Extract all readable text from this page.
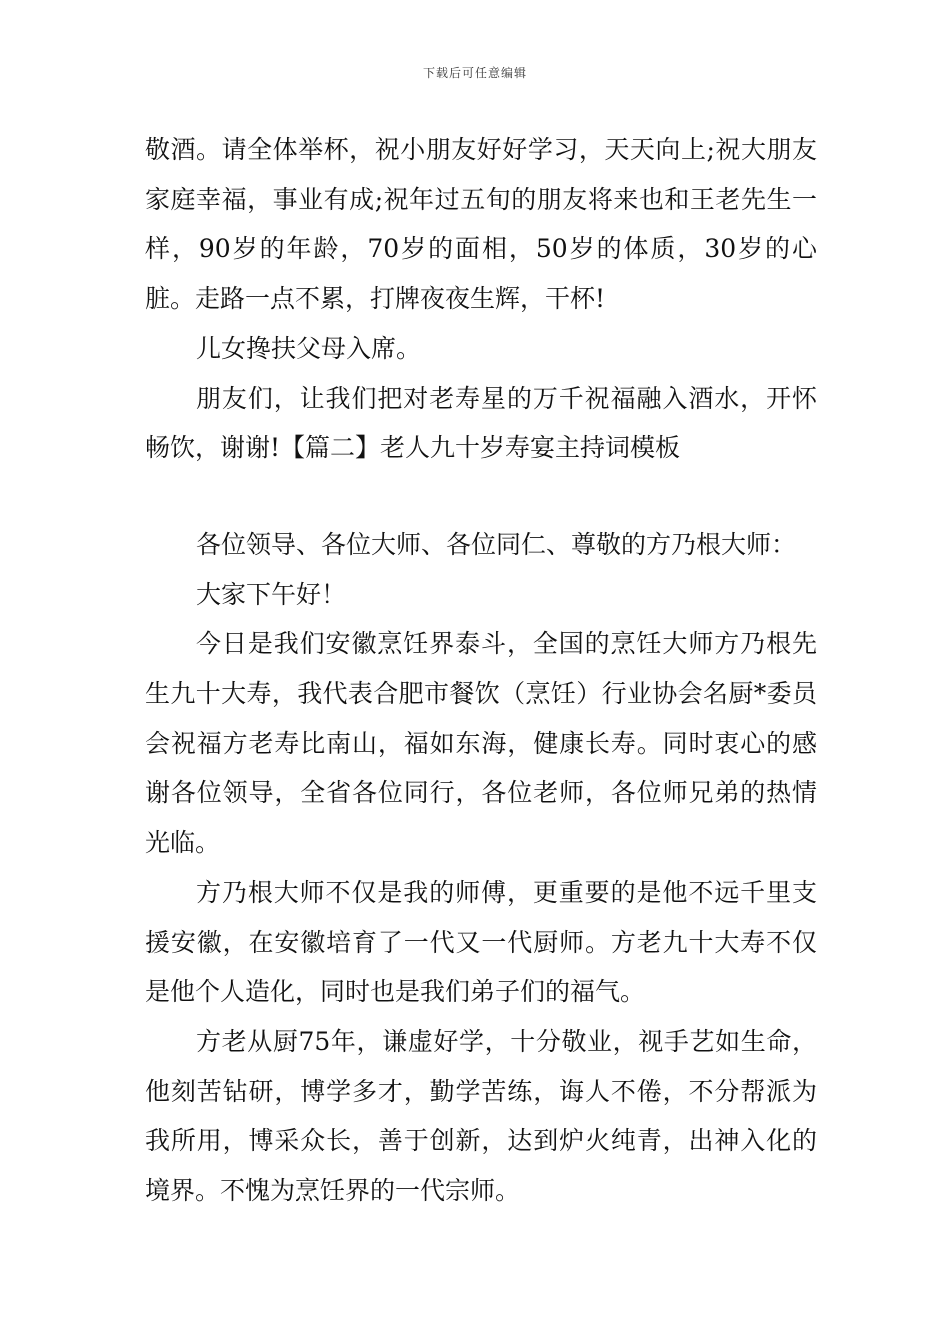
下载后可任意编辑

敬酒。请全体举杯，祝小朋友好好学习，天天向上;祝大朋友家庭幸福，事业有成;祝年过五旬的朋友将来也和王老先生一样，90岁的年龄，70岁的面相，50岁的体质，30岁的心脏。走路一点不累，打牌夜夜生辉，干杯!

儿女搀扶父母入席。

朋友们，让我们把对老寿星的万千祝福融入酒水，开怀畅饮，谢谢!【篇二】老人九十岁寿宴主持词模板

各位领导、各位大师、各位同仁、尊敬的方乃根大师：

大家下午好！

今日是我们安徽烹饪界泰斗，全国的烹饪大师方乃根先生九十大寿，我代表合肥市餐饮（烹饪）行业协会名厨*委员会祝福方老寿比南山，福如东海，健康长寿。同时衷心的感谢各位领导，全省各位同行，各位老师，各位师兄弟的热情光临。

方乃根大师不仅是我的师傅，更重要的是他不远千里支援安徽，在安徽培育了一代又一代厨师。方老九十大寿不仅是他个人造化，同时也是我们弟子们的福气。

方老从厨75年，谦虚好学，十分敬业，视手艺如生命，他刻苦钻研，博学多才，勤学苦练，诲人不倦，不分帮派为我所用，博采众长，善于创新，达到炉火纯青，出神入化的境界。不愧为烹饪界的一代宗师。
